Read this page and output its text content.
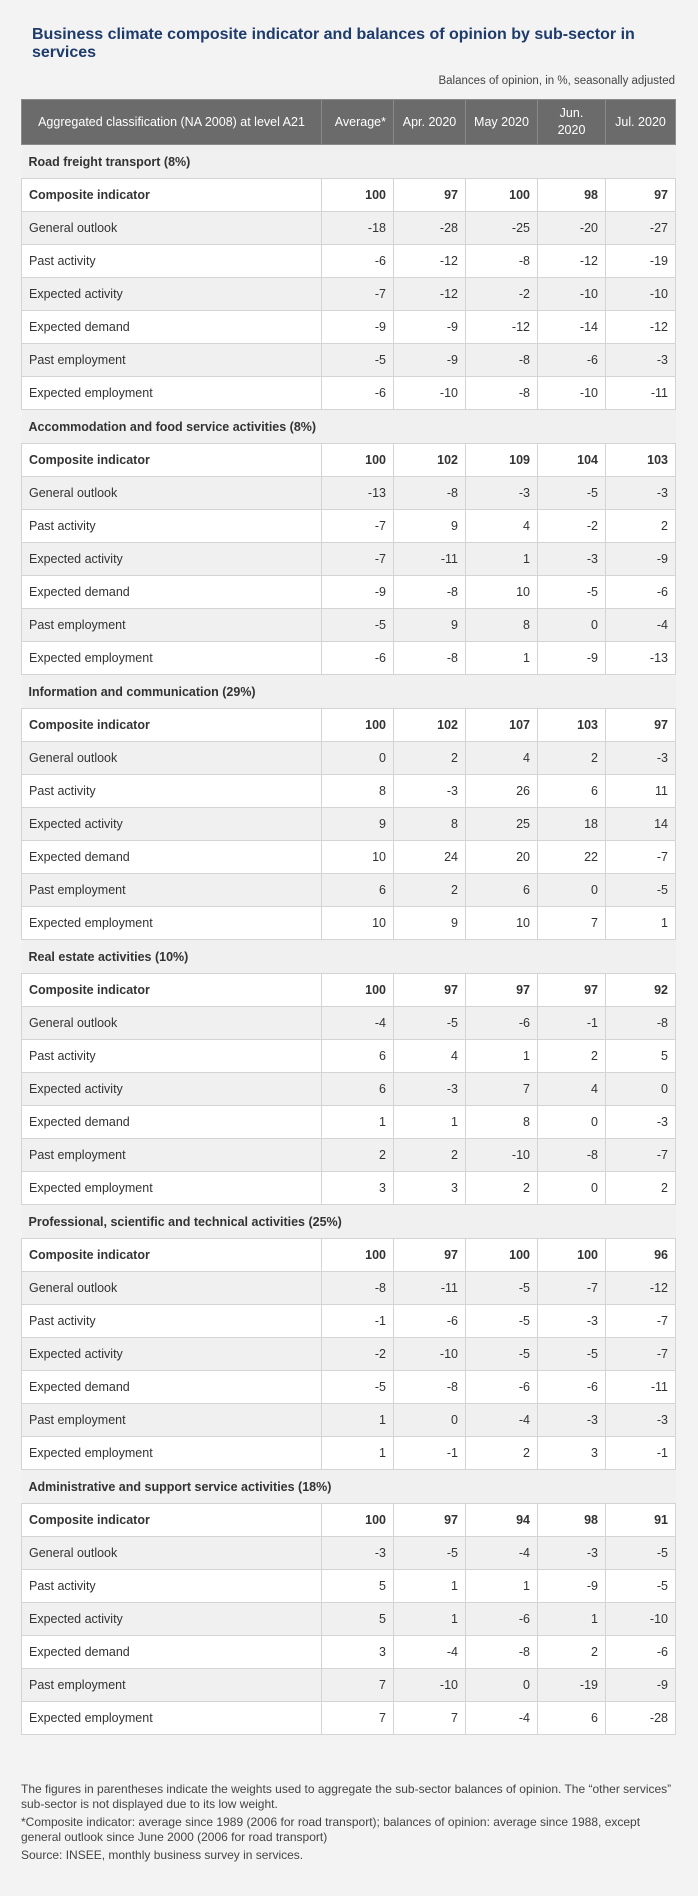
Business climate composite indicator and balances of opinion by sub-sector in services
Balances of opinion, in %, seasonally adjusted
Aggregated classification (NA 2008) at level A21	Average*	Apr. 2020	May 2020	Jun. 2020	Jul. 2020
Road freight transport (8%)					
Composite indicator	100	97	100	98	97
General outlook	-18	-28	-25	-20	-27
Past activity	-6	-12	-8	-12	-19
Expected activity	-7	-12	-2	-10	-10
Expected demand	-9	-9	-12	-14	-12
Past employment	-5	-9	-8	-6	-3
Expected employment	-6	-10	-8	-10	-11
Accommodation and food service activities (8%)					
Composite indicator	100	102	109	104	103
General outlook	-13	-8	-3	-5	-3
Past activity	-7	9	4	-2	2
Expected activity	-7	-11	1	-3	-9
Expected demand	-9	-8	10	-5	-6
Past employment	-5	9	8	0	-4
Expected employment	-6	-8	1	-9	-13
Information and communication (29%)					
Composite indicator	100	102	107	103	97
General outlook	0	2	4	2	-3
Past activity	8	-3	26	6	11
Expected activity	9	8	25	18	14
Expected demand	10	24	20	22	-7
Past employment	6	2	6	0	-5
Expected employment	10	9	10	7	1
Real estate activities (10%)					
Composite indicator	100	97	97	97	92
General outlook	-4	-5	-6	-1	-8
Past activity	6	4	1	2	5
Expected activity	6	-3	7	4	0
Expected demand	1	1	8	0	-3
Past employment	2	2	-10	-8	-7
Expected employment	3	3	2	0	2
Professional, scientific and technical activities (25%)					
Composite indicator	100	97	100	100	96
General outlook	-8	-11	-5	-7	-12
Past activity	-1	-6	-5	-3	-7
Expected activity	-2	-10	-5	-5	-7
Expected demand	-5	-8	-6	-6	-11
Past employment	1	0	-4	-3	-3
Expected employment	1	-1	2	3	-1
Administrative and support service activities (18%)					
Composite indicator	100	97	94	98	91
General outlook	-3	-5	-4	-3	-5
Past activity	5	1	1	-9	-5
Expected activity	5	1	-6	1	-10
Expected demand	3	-4	-8	2	-6
Past employment	7	-10	0	-19	-9
Expected employment	7	7	-4	6	-28

The figures in parentheses indicate the weights used to aggregate the sub-sector balances of opinion. The “other services” sub-sector is not displayed due to its low weight.

*Composite indicator: average since 1989 (2006 for road transport); balances of opinion: average since 1988, except general outlook since June 2000 (2006 for road transport)

Source: INSEE, monthly business survey in services.
